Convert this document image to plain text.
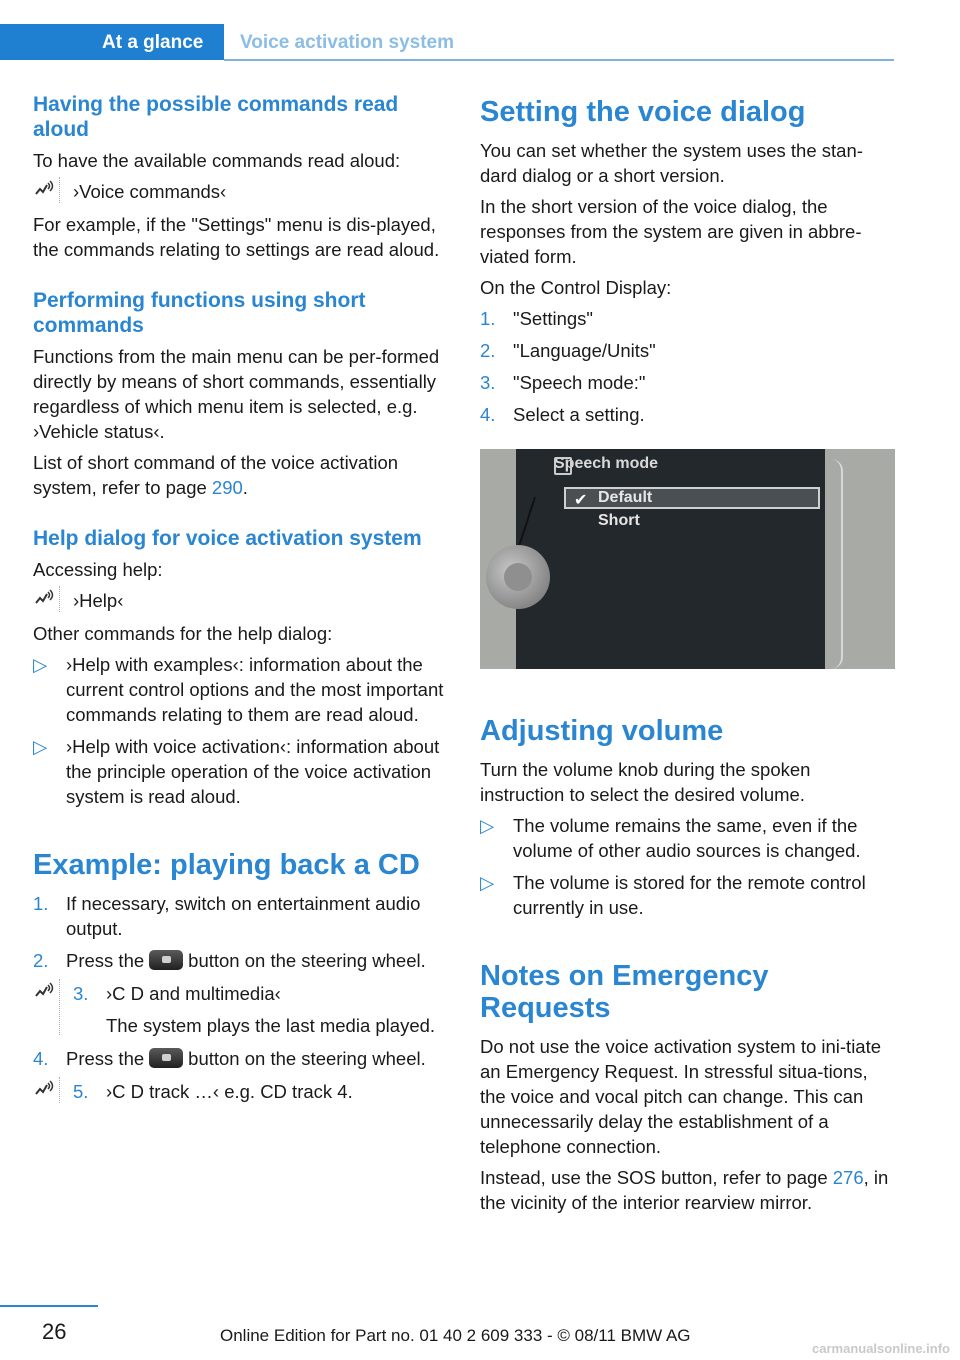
At a glance Voice activation system
Having the possible commands read aloud

To have the available commands read aloud:

›Voice commands‹

For example, if the "Settings" menu is dis-played, the commands relating to settings are read aloud.

Performing functions using short commands

Functions from the main menu can be per-formed directly by means of short commands, essentially regardless of which menu item is selected, e.g. ›Vehicle status‹.

List of short command of the voice activation system, refer to page 290.

Help dialog for voice activation system

Accessing help:

›Help‹

Other commands for the help dialog:

▷ ›Help with examples‹: information about the current control options and the most important commands relating to them are read aloud.
▷ ›Help with voice activation‹: information about the principle operation of the voice activation system is read aloud.
Example: playing back a CD
1. If necessary, switch on entertainment audio output.
2. Press the button on the steering wheel.
3. ›C D and multimedia‹
The system plays the last media played.
4. Press the button on the steering wheel.
5. ›C D track …‹ e.g. CD track 4.
Setting the voice dialog

You can set whether the system uses the stan-dard dialog or a short version.

In the short version of the voice dialog, the responses from the system are given in abbre-viated form.

On the Control Display:

1. "Settings"
2. "Language/Units"
3. "Speech mode:"
4. Select a setting.
Speech mode
✔ Default
Short
Adjusting volume

Turn the volume knob during the spoken instruction to select the desired volume.

▷ The volume remains the same, even if the volume of other audio sources is changed.
▷ The volume is stored for the remote control currently in use.
Notes on Emergency Requests

Do not use the voice activation system to ini-tiate an Emergency Request. In stressful situa-tions, the voice and vocal pitch can change. This can unnecessarily delay the establishment of a telephone connection.

Instead, use the SOS button, refer to page 276, in the vicinity of the interior rearview mirror.

26	Online Edition for Part no. 01 40 2 609 333 - © 08/11 BMW AG
carmanualsonline.info
